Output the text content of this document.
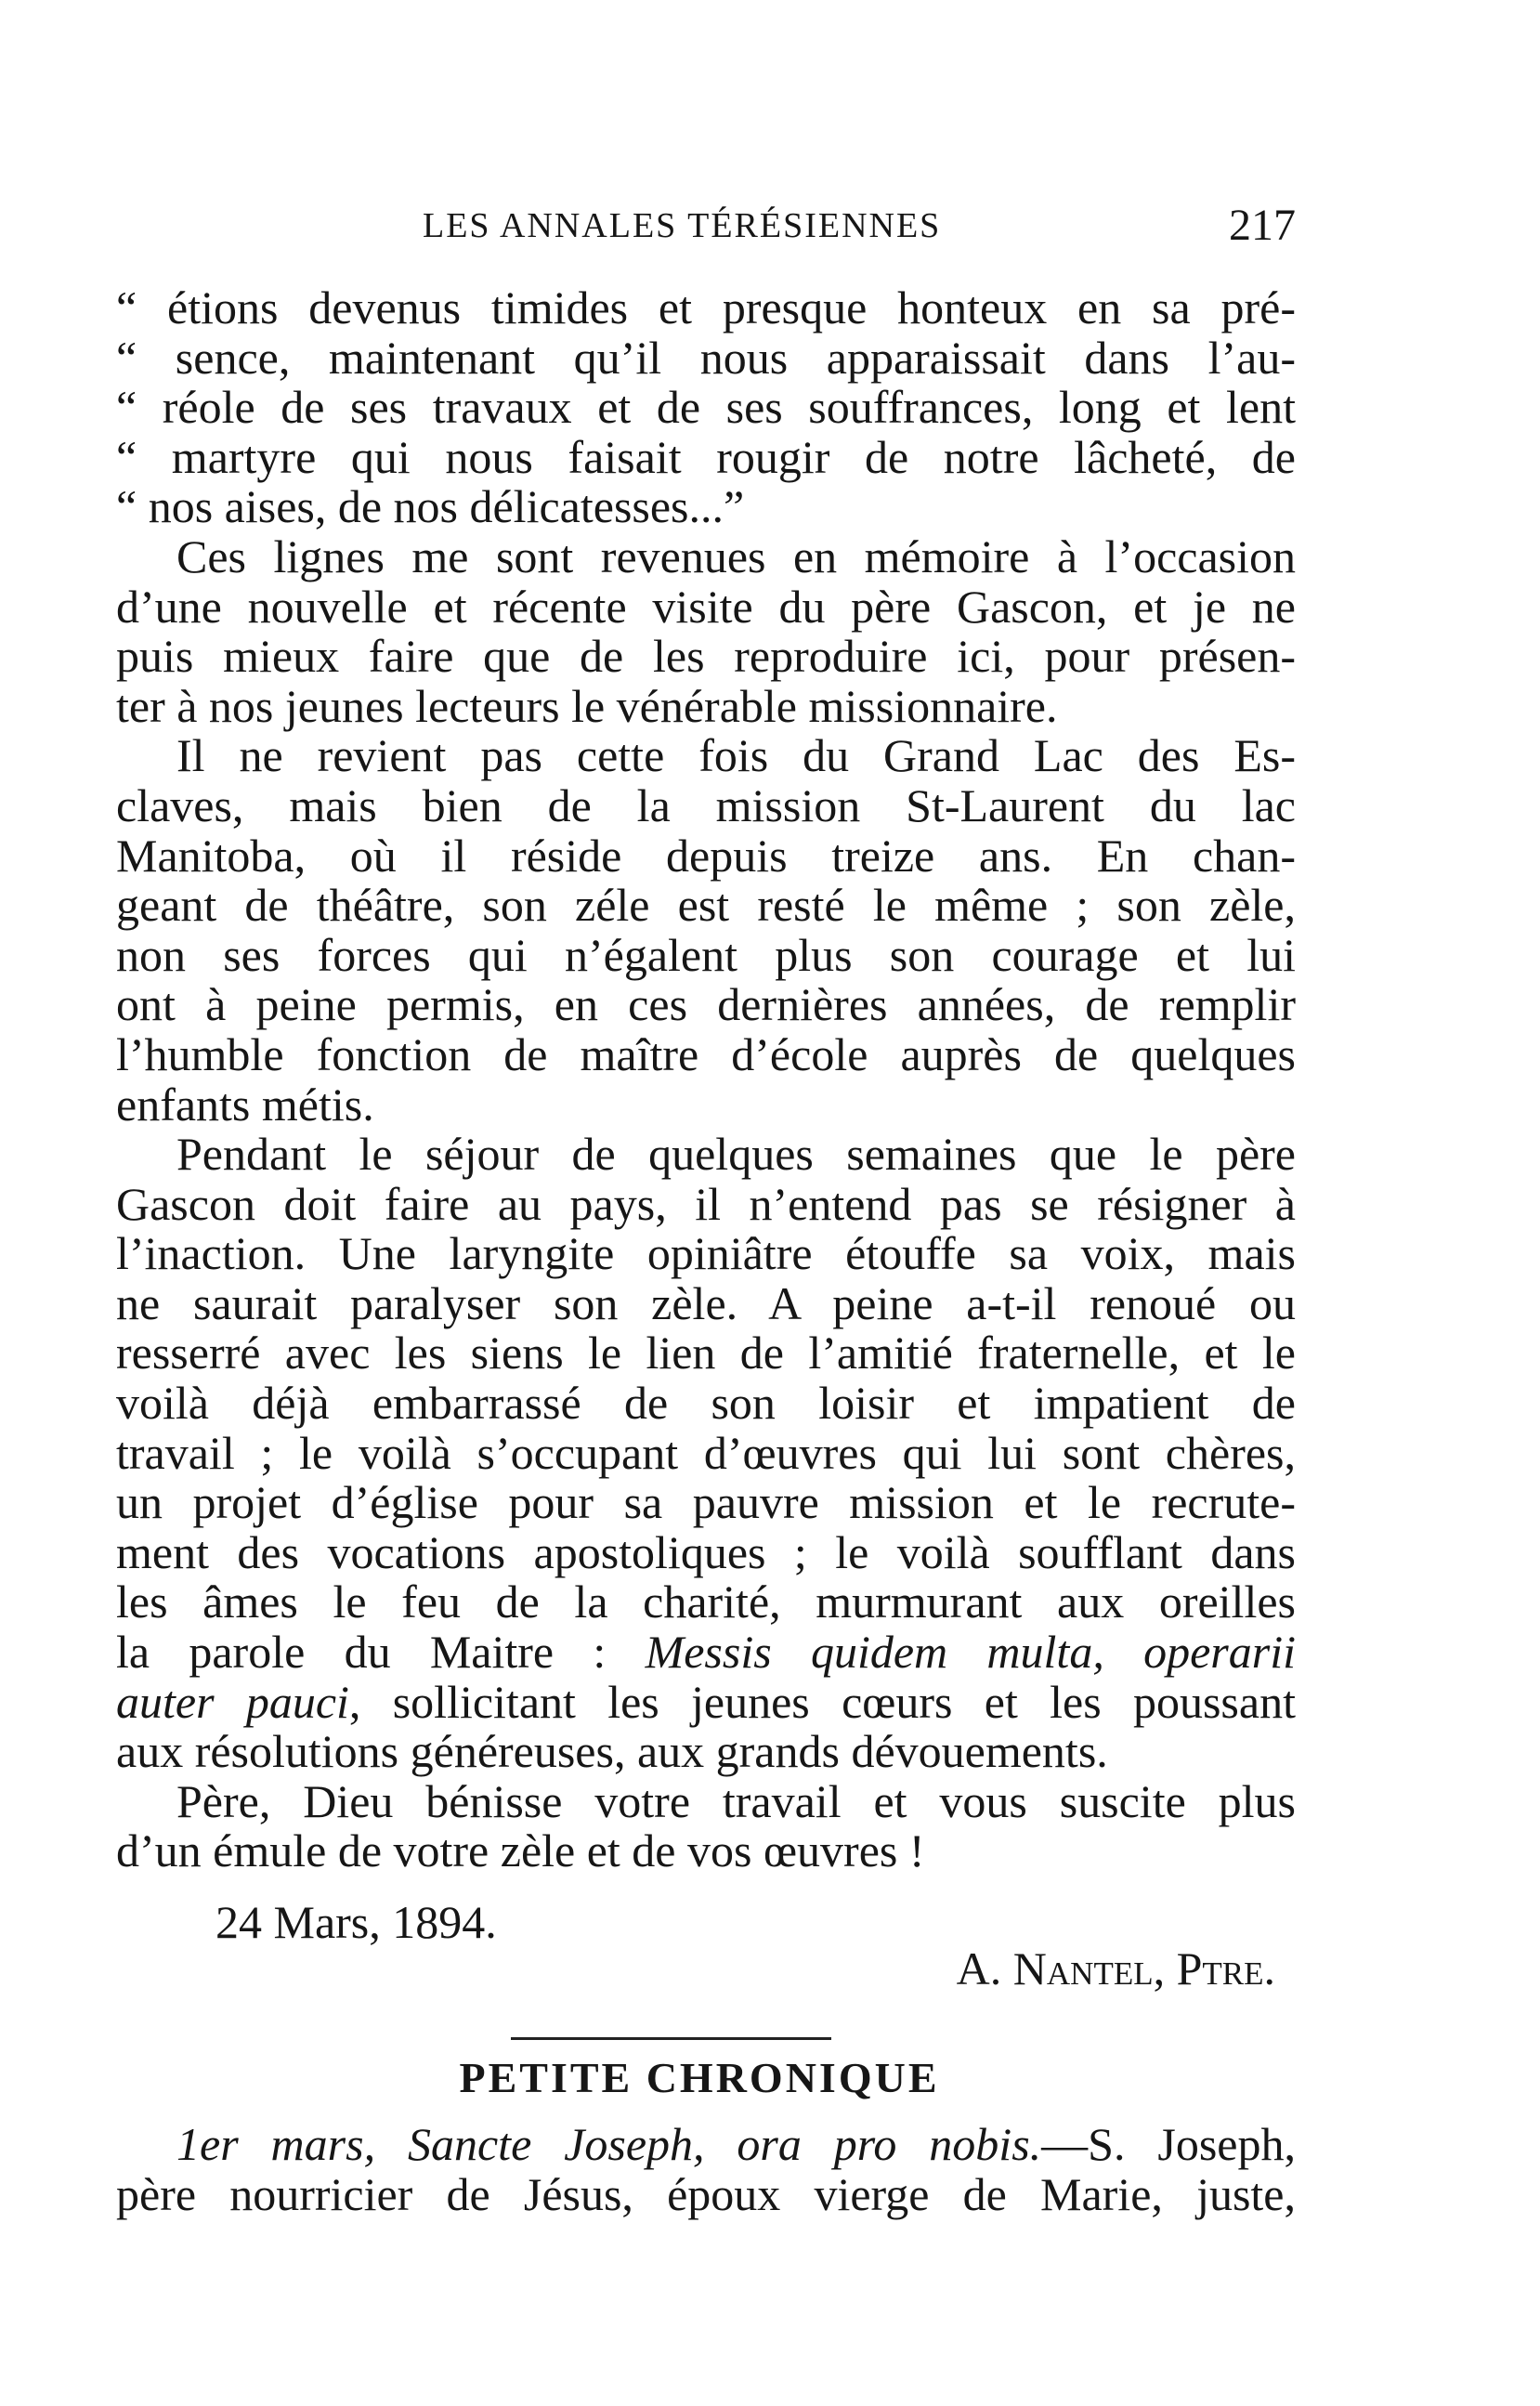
LES ANNALES TÉRÉSIENNES	217
“ étions devenus timides et presque honteux en sa pré-
“ sence, maintenant qu’il nous apparaissait dans l’au-
“ réole de ses travaux et de ses souffrances, long et lent
“ martyre qui nous faisait rougir de notre lâcheté, de
“ nos aises, de nos délicatesses...”
Ces lignes me sont revenues en mémoire à l’occasion
d’une nouvelle et récente visite du père Gascon, et je ne
puis mieux faire que de les reproduire ici, pour présen-
ter à nos jeunes lecteurs le vénérable missionnaire.
Il ne revient pas cette fois du Grand Lac des Es-
claves, mais bien de la mission St-Laurent du lac
Manitoba, où il réside depuis treize ans. En chan-
geant de théâtre, son zéle est resté le même ; son zèle,
non ses forces qui n’égalent plus son courage et lui
ont à peine permis, en ces dernières années, de remplir
l’humble fonction de maître d’école auprès de quelques
enfants métis.
Pendant le séjour de quelques semaines que le père
Gascon doit faire au pays, il n’entend pas se résigner à
l’inaction. Une laryngite opiniâtre étouffe sa voix, mais
ne saurait paralyser son zèle. A peine a-t-il renoué ou
resserré avec les siens le lien de l’amitié fraternelle, et le
voilà déjà embarrassé de son loisir et impatient de
travail ; le voilà s’occupant d’œuvres qui lui sont chères,
un projet d’église pour sa pauvre mission et le recrute-
ment des vocations apostoliques ; le voilà soufflant dans
les âmes le feu de la charité, murmurant aux oreilles
la parole du Maitre : Messis quidem multa, operarii
auter pauci, sollicitant les jeunes cœurs et les poussant
aux résolutions généreuses, aux grands dévouements.
Père, Dieu bénisse votre travail et vous suscite plus
d’un émule de votre zèle et de vos œuvres !
24 Mars, 1894.
A. Nantel, Ptre.
PETITE CHRONIQUE
1er mars, Sancte Joseph, ora pro nobis.—S. Joseph,
père nourricier de Jésus, époux vierge de Marie, juste,
